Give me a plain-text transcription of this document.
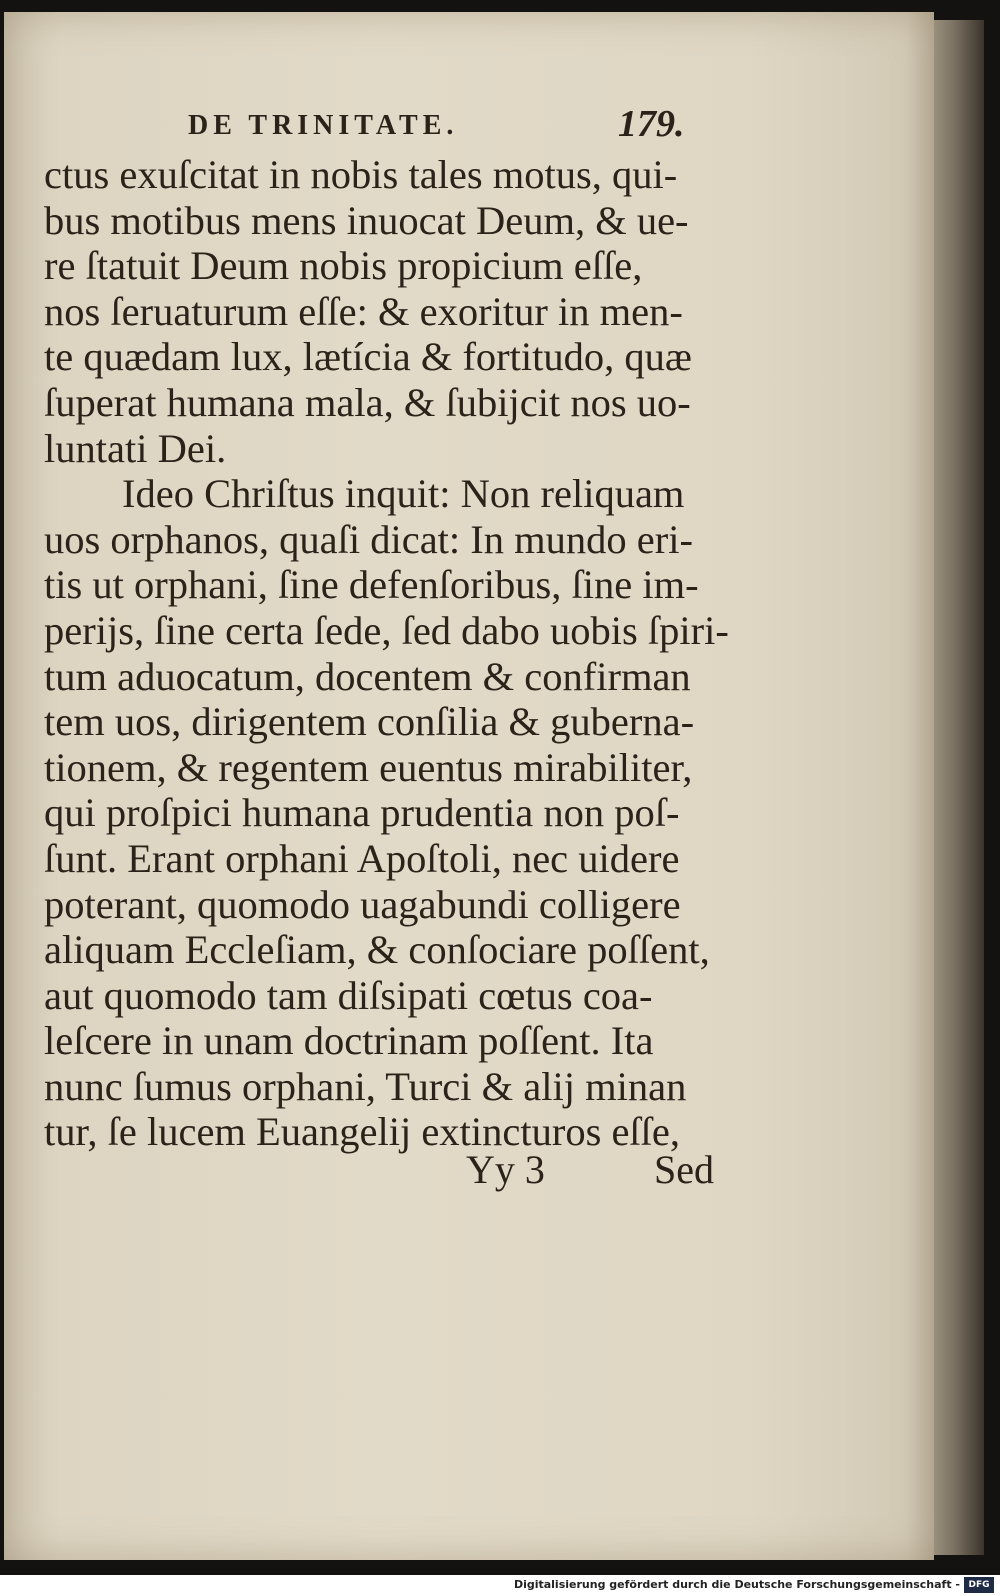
DE TRINITATE.	179.
ctus exuſcitat in nobis tales motus, qui-
bus motibus mens inuocat Deum, & ue-
re ſtatuit Deum nobis propicium eſſe,
nos ſeruaturum eſſe: & exoritur in men-
te quædam lux, lætícia & fortitudo, quæ
ſuperat humana mala, & ſubijcit nos uo-
luntati Dei.
Ideo Chriſtus inquit: Non reliquam
uos orphanos, quaſi dicat: In mundo eri-
tis ut orphani, ſine defenſoribus, ſine im-
perijs, ſine certa ſede, ſed dabo uobis ſpiri-
tum aduocatum, docentem & confirman
tem uos, dirigentem conſilia & guberna-
tionem, & regentem euentus mirabiliter,
qui proſpici humana prudentia non poſ-
ſunt. Erant orphani Apoſtoli, nec uidere
poterant, quomodo uagabundi colligere
aliquam Eccleſiam, & conſociare poſſent,
aut quomodo tam diſsipati cœtus coa-
leſcere in unam doctrinam poſſent. Ita
nunc ſumus orphani, Turci & alij minan
tur, ſe lucem Euangelij extincturos eſſe,
Yy 3	Sed
Digitalisierung gefördert durch die Deutsche Forschungsgemeinschaft - DFG
